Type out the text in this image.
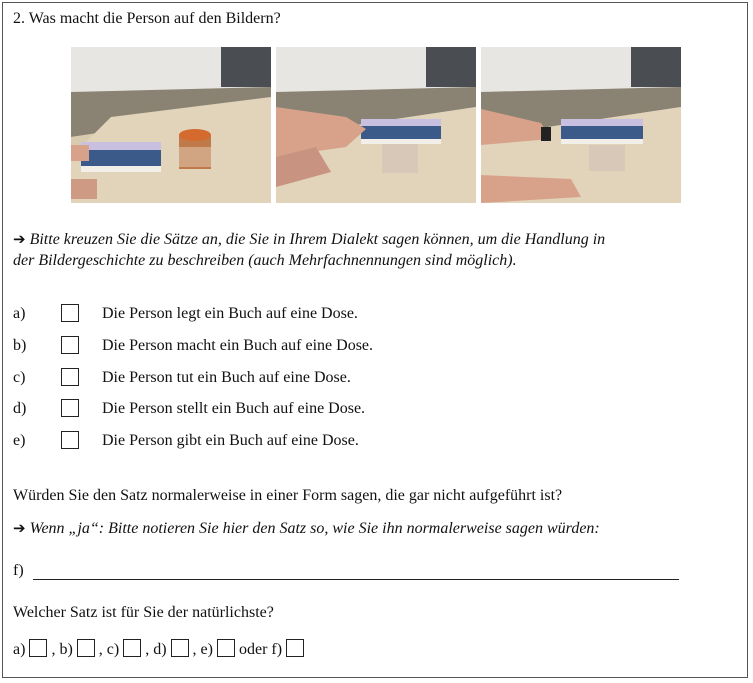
2. Was macht die Person auf den Bildern?
➔ Bitte kreuzen Sie die Sätze an, die Sie in Ihrem Dialekt sagen können, um die Handlung in
der Bildergeschichte zu beschreiben (auch Mehrfachnennungen sind möglich).
a)	Die Person legt ein Buch auf eine Dose.
b)	Die Person macht ein Buch auf eine Dose.
c)	Die Person tut ein Buch auf eine Dose.
d)	Die Person stellt ein Buch auf eine Dose.
e)	Die Person gibt ein Buch auf eine Dose.
Würden Sie den Satz normalerweise in einer Form sagen, die gar nicht aufgeführt ist?
➔ Wenn „ja“: Bitte notieren Sie hier den Satz so, wie Sie ihn normalerweise sagen würden:
f)
Welcher Satz ist für Sie der natürlichste?
a) , b) , c) , d) , e) oder f)
